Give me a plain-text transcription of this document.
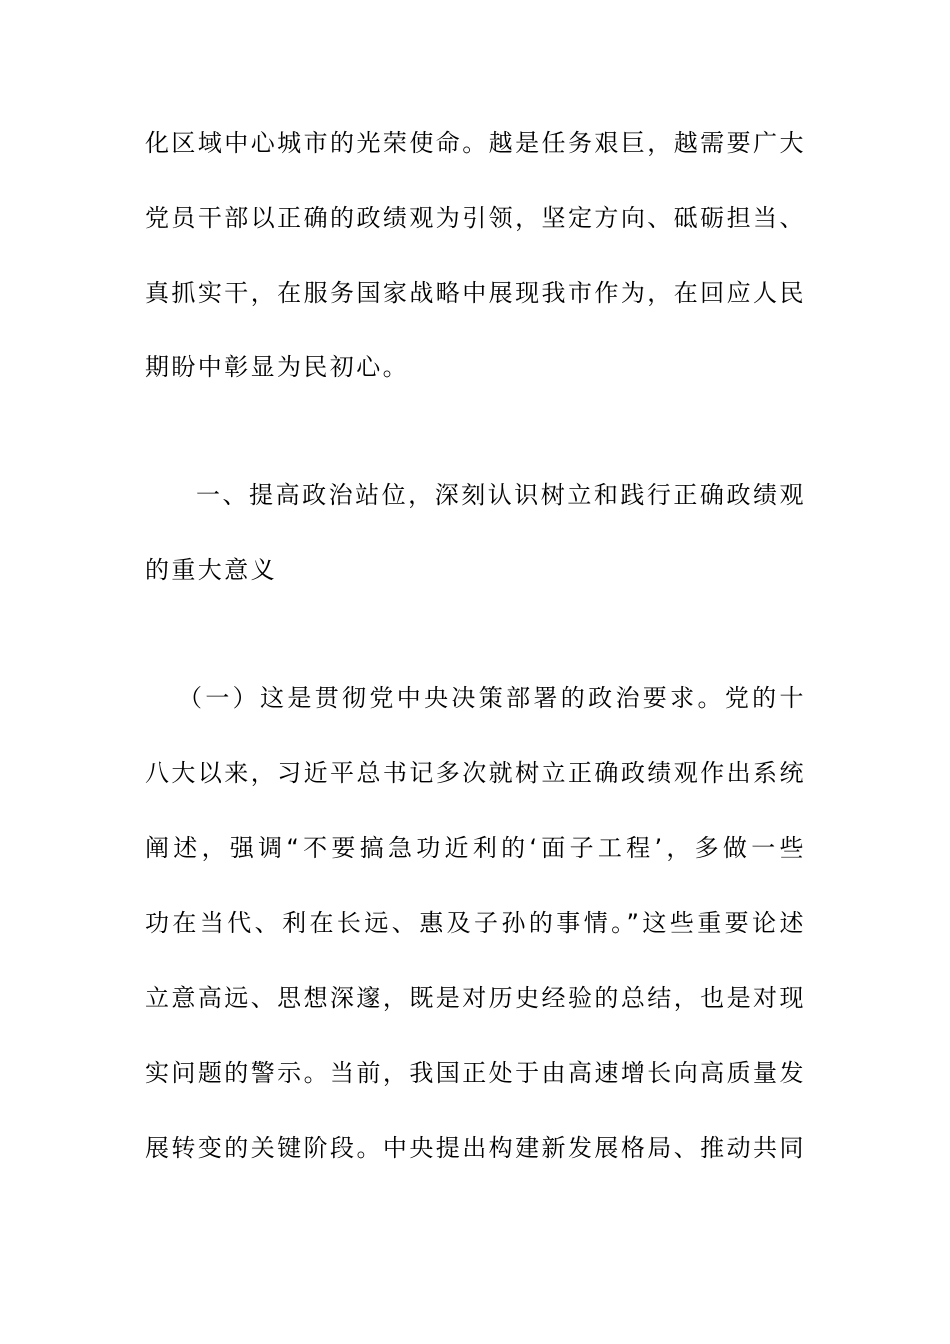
化区域中心城市的光荣使命。越是任务艰巨，越需要广大
党员干部以正确的政绩观为引领，坚定方向、砥砺担当、
真抓实干，在服务国家战略中展现我市作为，在回应人民
期盼中彰显为民初心。
一、提高政治站位，深刻认识树立和践行正确政绩观
的重大意义
（一）这是贯彻党中央决策部署的政治要求。党的十
八大以来，习近平总书记多次就树立正确政绩观作出系统
阐述，强调“不要搞急功近利的‘面子工程’，多做一些
功在当代、利在长远、惠及子孙的事情。”这些重要论述
立意高远、思想深邃，既是对历史经验的总结，也是对现
实问题的警示。当前，我国正处于由高速增长向高质量发
展转变的关键阶段。中央提出构建新发展格局、推动共同
